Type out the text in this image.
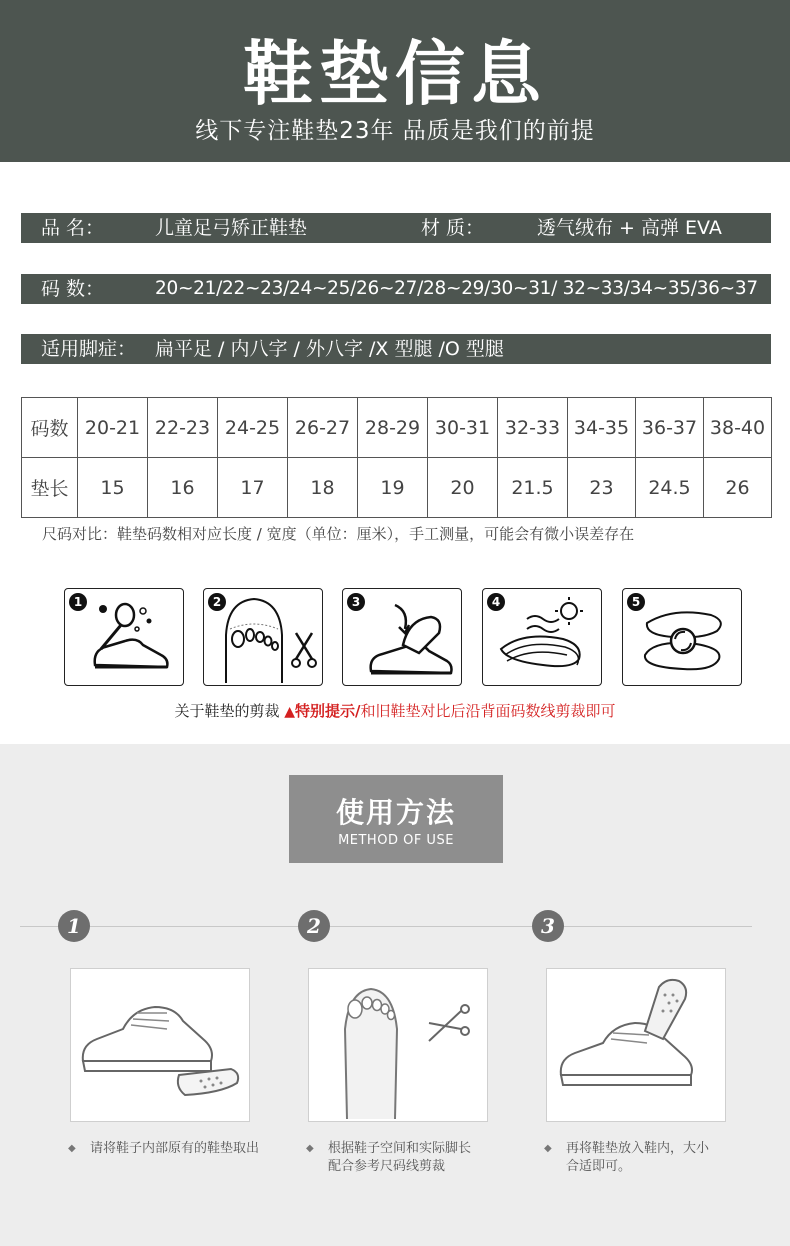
鞋垫信息
线下专注鞋垫23年 品质是我们的前提
品 名：	儿童足弓矫正鞋垫	材 质：	透气绒布 + 高弹 EVA
码 数：	20~21/22~23/24~25/26~27/28~29/30~31/ 32~33/34~35/36~37
适用脚症： 扁平足 / 内八字 / 外八字 /X 型腿 /O 型腿
码数	20-21	22-23	24-25	26-27	28-29	30-31	32-33	34-35	36-37	38-40
垫长	15	16	17	18	19	20	21.5	23	24.5	26
尺码对比：鞋垫码数相对应长度 / 宽度（单位：厘米），手工测量，可能会有微小误差存在
1	2	3	4	5
关于鞋垫的剪裁 ▲特别提示/和旧鞋垫对比后沿背面码数线剪裁即可
使用方法
METHOD OF USE
1	2	3
◆ 请将鞋子内部原有的鞋垫取出	◆ 根据鞋子空间和实际脚长
配合参考尺码线剪裁
◆ 再将鞋垫放入鞋内，大小
合适即可。
